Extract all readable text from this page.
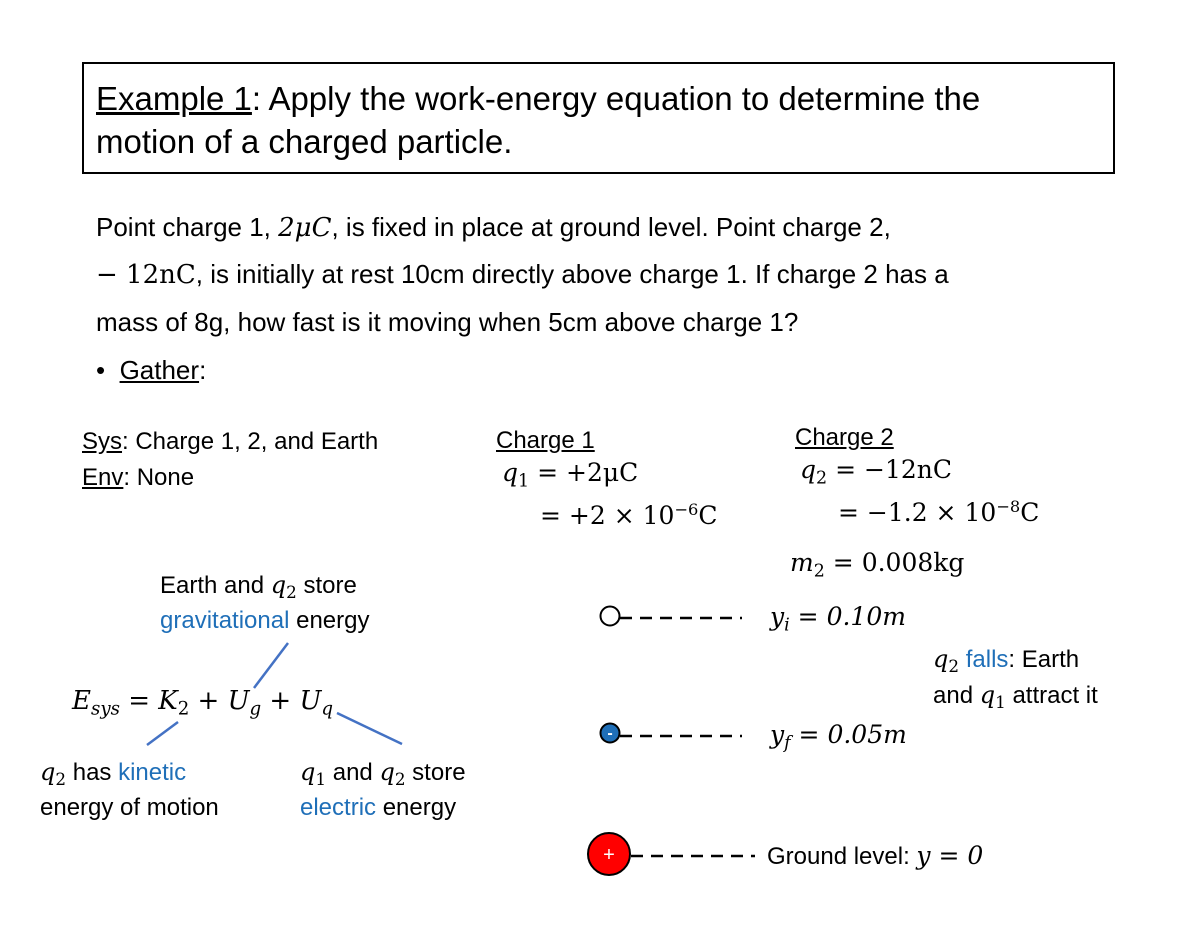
Example 1: Apply the work-energy equation to determine the
motion of a charged particle.
Point charge 1, 2μC, is fixed in place at ground level. Point charge 2,
− 12nC, is initially at rest 10cm directly above charge 1. If charge 2 has a
mass of 8g, how fast is it moving when 5cm above charge 1?
• Gather:
Sys: Charge 1, 2, and Earth
Env: None
Charge 1
$q_1 = +2\mu C$
= $+2 \times 10^{-6}C$
Charge 2
$q_2 = -12nC$
= $-1.2 \times 10^{-8}C$
$m_2 = 0.008kg$
Earth and $q_2$ store
gravitational energy
$E_{sys} = K_2 + U_g + U_q$
$q_2$ has kinetic
energy of motion
$q_1$ and $q_2$ store
electric energy
$q_2$ falls: Earth
and $q_1$ attract it
$y_i = 0.10m$
$y_f = 0.05m$
Ground level: y = 0
-
+
